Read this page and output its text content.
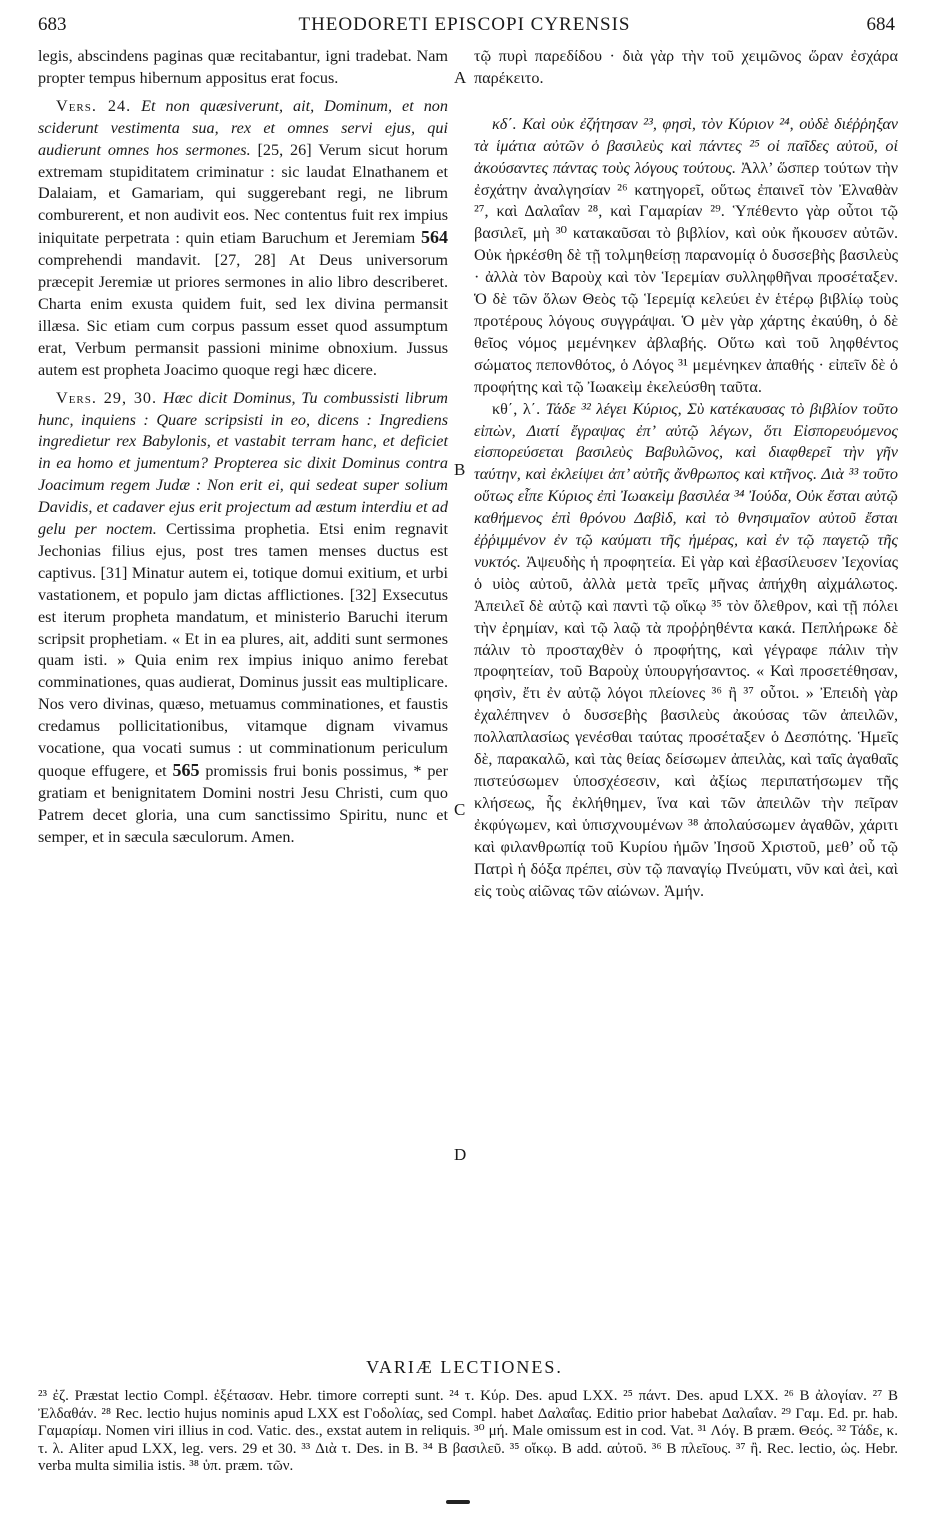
683	THEODORETI EPISCOPI CYRENSIS	684

legis, abscindens paginas quæ recitabantur, igni tradebat. Nam propter tempus hibernum appositus erat focus.

Vers. 24. Et non quæsiverunt, ait, Dominum, et non sciderunt vestimenta sua, rex et omnes servi ejus, qui audierunt omnes hos sermones. [25, 26] Verum sicut horum extremam stupiditatem criminatur : sic laudat Elnathanem et Dalaiam, et Gamariam, qui suggerebant regi, ne librum comburerent, et non audivit eos. Nec contentus fuit rex impius iniquitate perpetrata : quin etiam Baruchum et Jeremiam 564 comprehendi mandavit. [27, 28] At Deus universorum præcepit Jeremiæ ut priores sermones in alio libro describeret. Charta enim exusta quidem fuit, sed lex divina permansit illæsa. Sic etiam cum corpus passum esset quod assumptum erat, Verbum permansit passioni minime obnoxium. Jussus autem est propheta Joacimo quoque regi hæc dicere.

Vers. 29, 30. Hæc dicit Dominus, Tu combussisti librum hunc, inquiens : Quare scripsisti in eo, dicens : Ingrediens ingredietur rex Babylonis, et vastabit terram hanc, et deficiet in ea homo et jumentum? Propterea sic dixit Dominus contra Joacimum regem Judæ : Non erit ei, qui sedeat super solium Davidis, et cadaver ejus erit projectum ad æstum interdiu et ad gelu per noctem. Certissima prophetia. Etsi enim regnavit Jechonias filius ejus, post tres tamen menses ductus est captivus. [31] Minatur autem ei, totique domui exitium, et urbi vastationem, et populo jam dictas afflictiones. [32] Exsecutus est iterum propheta mandatum, et ministerio Baruchi iterum scripsit prophetiam. « Et in ea plures, ait, additi sunt sermones quam isti. » Quia enim rex impius iniquo animo ferebat comminationes, quas audierat, Dominus jussit eas multiplicare. Nos vero divinas, quæso, metuamus comminationes, et faustis credamus pollicitationibus, vitamque dignam vivamus vocatione, qua vocati sumus : ut comminationum periculum quoque effugere, et 565 promissis frui bonis possimus, * per gratiam et benignitatem Domini nostri Jesu Christi, cum quo Patrem decet gloria, una cum sanctissimo Spiritu, nunc et semper, et in sæcula sæculorum. Amen.

A
B
C
D

τῷ πυρὶ παρεδίδου · διὰ γὰρ τὴν τοῦ χειμῶνος ὥραν ἐσχάρα παρέκειτο.

κδ΄. Καὶ οὐκ ἐζήτησαν ²³, φησὶ, τὸν Κύριον ²⁴, οὐδὲ διέῤῥηξαν τὰ ἱμάτια αὐτῶν ὁ βασιλεὺς καὶ πάντες ²⁵ οἱ παῖδες αὐτοῦ, οἱ ἀκούσαντες πάντας τοὺς λόγους τούτους. Ἀλλ’ ὥσπερ τούτων τὴν ἐσχάτην ἀναλγησίαν ²⁶ κατηγορεῖ, οὕτως ἐπαινεῖ τὸν Ἐλναθὰν ²⁷, καὶ Δαλαΐαν ²⁸, καὶ Γαμαρίαν ²⁹. Ὑπέθεντο γὰρ οὗτοι τῷ βασιλεῖ, μὴ ³⁰ κατακαῦσαι τὸ βιβλίον, καὶ οὐκ ἤκουσεν αὐτῶν. Οὐκ ἠρκέσθη δὲ τῇ τολμηθείσῃ παρανομίᾳ ὁ δυσσεβὴς βασιλεὺς · ἀλλὰ τὸν Βαροὺχ καὶ τὸν Ἱερεμίαν συλληφθῆναι προσέταξεν. Ὁ δὲ τῶν ὅλων Θεὸς τῷ Ἱερεμίᾳ κελεύει ἐν ἑτέρῳ βιβλίῳ τοὺς προτέρους λόγους συγγράψαι. Ὁ μὲν γὰρ χάρτης ἐκαύθη, ὁ δὲ θεῖος νόμος μεμένηκεν ἀβλαβής. Οὕτω καὶ τοῦ ληφθέντος σώματος πεπονθότος, ὁ Λόγος ³¹ μεμένηκεν ἀπαθής · εἰπεῖν δὲ ὁ προφήτης καὶ τῷ Ἰωακεὶμ ἐκελεύσθη ταῦτα.

κθ΄, λ΄. Τάδε ³² λέγει Κύριος, Σὺ κατέκαυσας τὸ βιβλίον τοῦτο εἰπὼν, Διατί ἔγραψας ἐπ’ αὐτῷ λέγων, ὅτι Εἰσπορευόμενος εἰσπορεύσεται βασιλεὺς Βαβυλῶνος, καὶ διαφθερεῖ τὴν γῆν ταύτην, καὶ ἐκλείψει ἀπ’ αὐτῆς ἄνθρωπος καὶ κτῆνος. Διὰ ³³ τοῦτο οὕτως εἶπε Κύριος ἐπὶ Ἰωακεὶμ βασιλέα ³⁴ Ἰούδα, Οὐκ ἔσται αὐτῷ καθήμενος ἐπὶ θρόνου Δαβὶδ, καὶ τὸ θνησιμαῖον αὐτοῦ ἔσται ἐῤῥιμμένον ἐν τῷ καύματι τῆς ἡμέρας, καὶ ἐν τῷ παγετῷ τῆς νυκτός. Ἀψευδὴς ἡ προφητεία. Εἰ γὰρ καὶ ἐβασίλευσεν Ἰεχονίας ὁ υἱὸς αὐτοῦ, ἀλλὰ μετὰ τρεῖς μῆνας ἀπήχθη αἰχμάλωτος. Ἀπειλεῖ δὲ αὐτῷ καὶ παντὶ τῷ οἴκῳ ³⁵ τὸν ὄλεθρον, καὶ τῇ πόλει τὴν ἐρημίαν, καὶ τῷ λαῷ τὰ προῤῥηθέντα κακά. Πεπλήρωκε δὲ πάλιν τὸ προσταχθὲν ὁ προφήτης, καὶ γέγραφε πάλιν τὴν προφητείαν, τοῦ Βαροὺχ ὑπουργήσαντος. « Καὶ προσετέθησαν, φησὶν, ἔτι ἐν αὐτῷ λόγοι πλείονες ³⁶ ἢ ³⁷ οὗτοι. » Ἐπειδὴ γὰρ ἐχαλέπηνεν ὁ δυσσεβὴς βασιλεὺς ἀκούσας τῶν ἀπειλῶν, πολλαπλασίως γενέσθαι ταύτας προσέταξεν ὁ Δεσπότης. Ἡμεῖς δὲ, παρακαλῶ, καὶ τὰς θείας δείσωμεν ἀπειλὰς, καὶ ταῖς ἀγαθαῖς πιστεύσωμεν ὑποσχέσεσιν, καὶ ἀξίως περιπατήσωμεν τῆς κλήσεως, ἧς ἐκλήθημεν, ἵνα καὶ τῶν ἀπειλῶν τὴν πεῖραν ἐκφύγωμεν, καὶ ὑπισχνουμένων ³⁸ ἀπολαύσωμεν ἀγαθῶν, χάριτι καὶ φιλανθρωπίᾳ τοῦ Κυρίου ἡμῶν Ἰησοῦ Χριστοῦ, μεθ’ οὗ τῷ Πατρὶ ἡ δόξα πρέπει, σὺν τῷ παναγίῳ Πνεύματι, νῦν καὶ ἀεὶ, καὶ εἰς τοὺς αἰῶνας τῶν αἰώνων. Ἀμήν.

VARIÆ LECTIONES.
²³ ἐζ. Præstat lectio Compl. ἐξέτασαν. Hebr. timore correpti sunt. ²⁴ τ. Κύρ. Des. apud LXX. ²⁵ πάντ. Des. apud LXX. ²⁶ B ἀλογίαν. ²⁷ B Ἐλδαθάν. ²⁸ Rec. lectio hujus nominis apud LXX est Γοδολίας, sed Compl. habet Δαλαΐας. Editio prior habebat Δαλαΐαν. ²⁹ Γαμ. Ed. pr. hab. Γαμαρίαμ. Nomen viri illius in cod. Vatic. des., exstat autem in reliquis. ³⁰ μή. Male omissum est in cod. Vat. ³¹ Λόγ. B præm. Θεός. ³² Τάδε, κ. τ. λ. Aliter apud LXX, leg. vers. 29 et 30. ³³ Διὰ τ. Des. in B. ³⁴ B βασιλεῦ. ³⁵ οἴκῳ. B add. αὐτοῦ. ³⁶ B πλεῖους. ³⁷ ἢ. Rec. lectio, ὡς. Hebr. verba multa similia istis. ³⁸ ὑπ. præm. τῶν.
